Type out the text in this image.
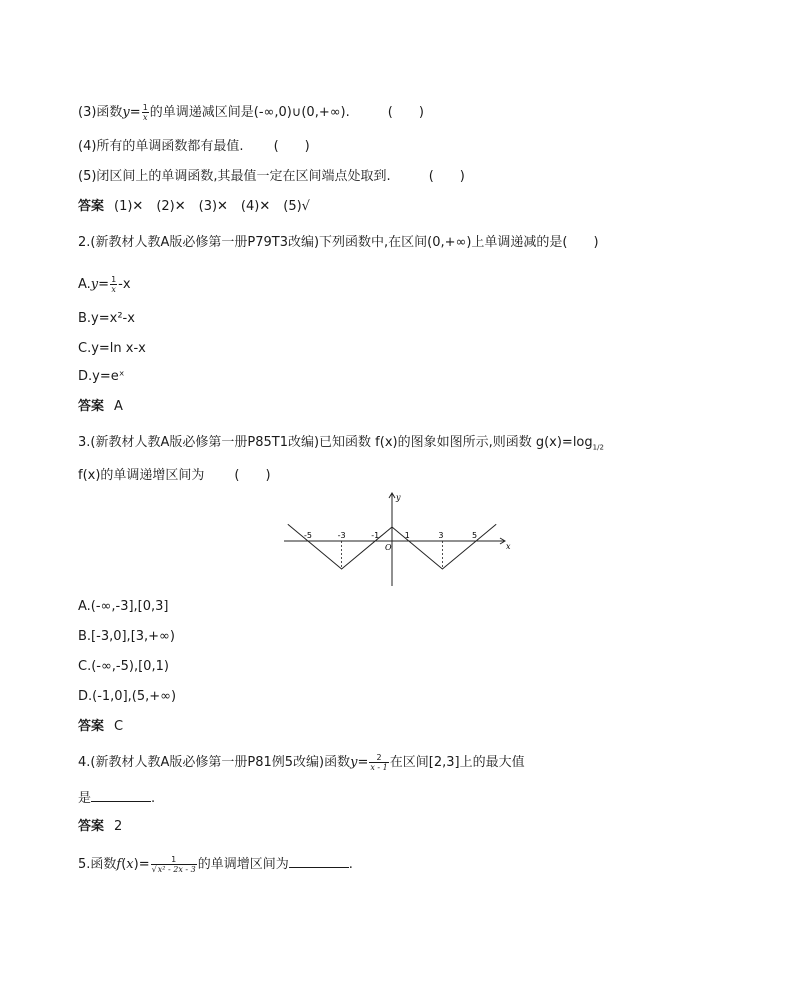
(3)函数$y= \frac{1}{x}$ 的单调递减区间是(-∞,0)∪(0,+∞).	(　　)
(4)所有的单调函数都有最值. (　　)
(5)闭区间上的单调函数,其最值一定在区间端点处取到.	(　　)
答案 (1)✕　(2)✕　(3)✕　(4)✕　(5)√
2.(新教材人教A版必修第一册P79T3改编)下列函数中,在区间(0,+∞)上单调递减的是(　　)
$A.y= \frac{1}{x} -x$
B.y=x²-x
C.y=ln x-x
D.y=eˣ
答案 A
3.(新教材人教A版必修第一册P85T1改编)已知函数 f(x)的图象如图所示,则函数 $g(x)=\log_{1/2}$
f(x)的单调递增区间为 (　　)
-5	-3	-1	1	3	5
x
y
O
A.(-∞,-3],[0,3]
B.[-3,0],[3,+∞)
C.(-∞,-5),[0,1)
D.(-1,0],(5,+∞)
答案 C
4.(新教材人教A版必修第一册P81例5改编)函数$y= \frac{2}{x - 1}$ 在区间[2,3]上的最大值
是	.
答案 2
5.函数$f(x)= \frac{1}{\text{√x² - 2x - 3}}$ 的单调增区间为	.
